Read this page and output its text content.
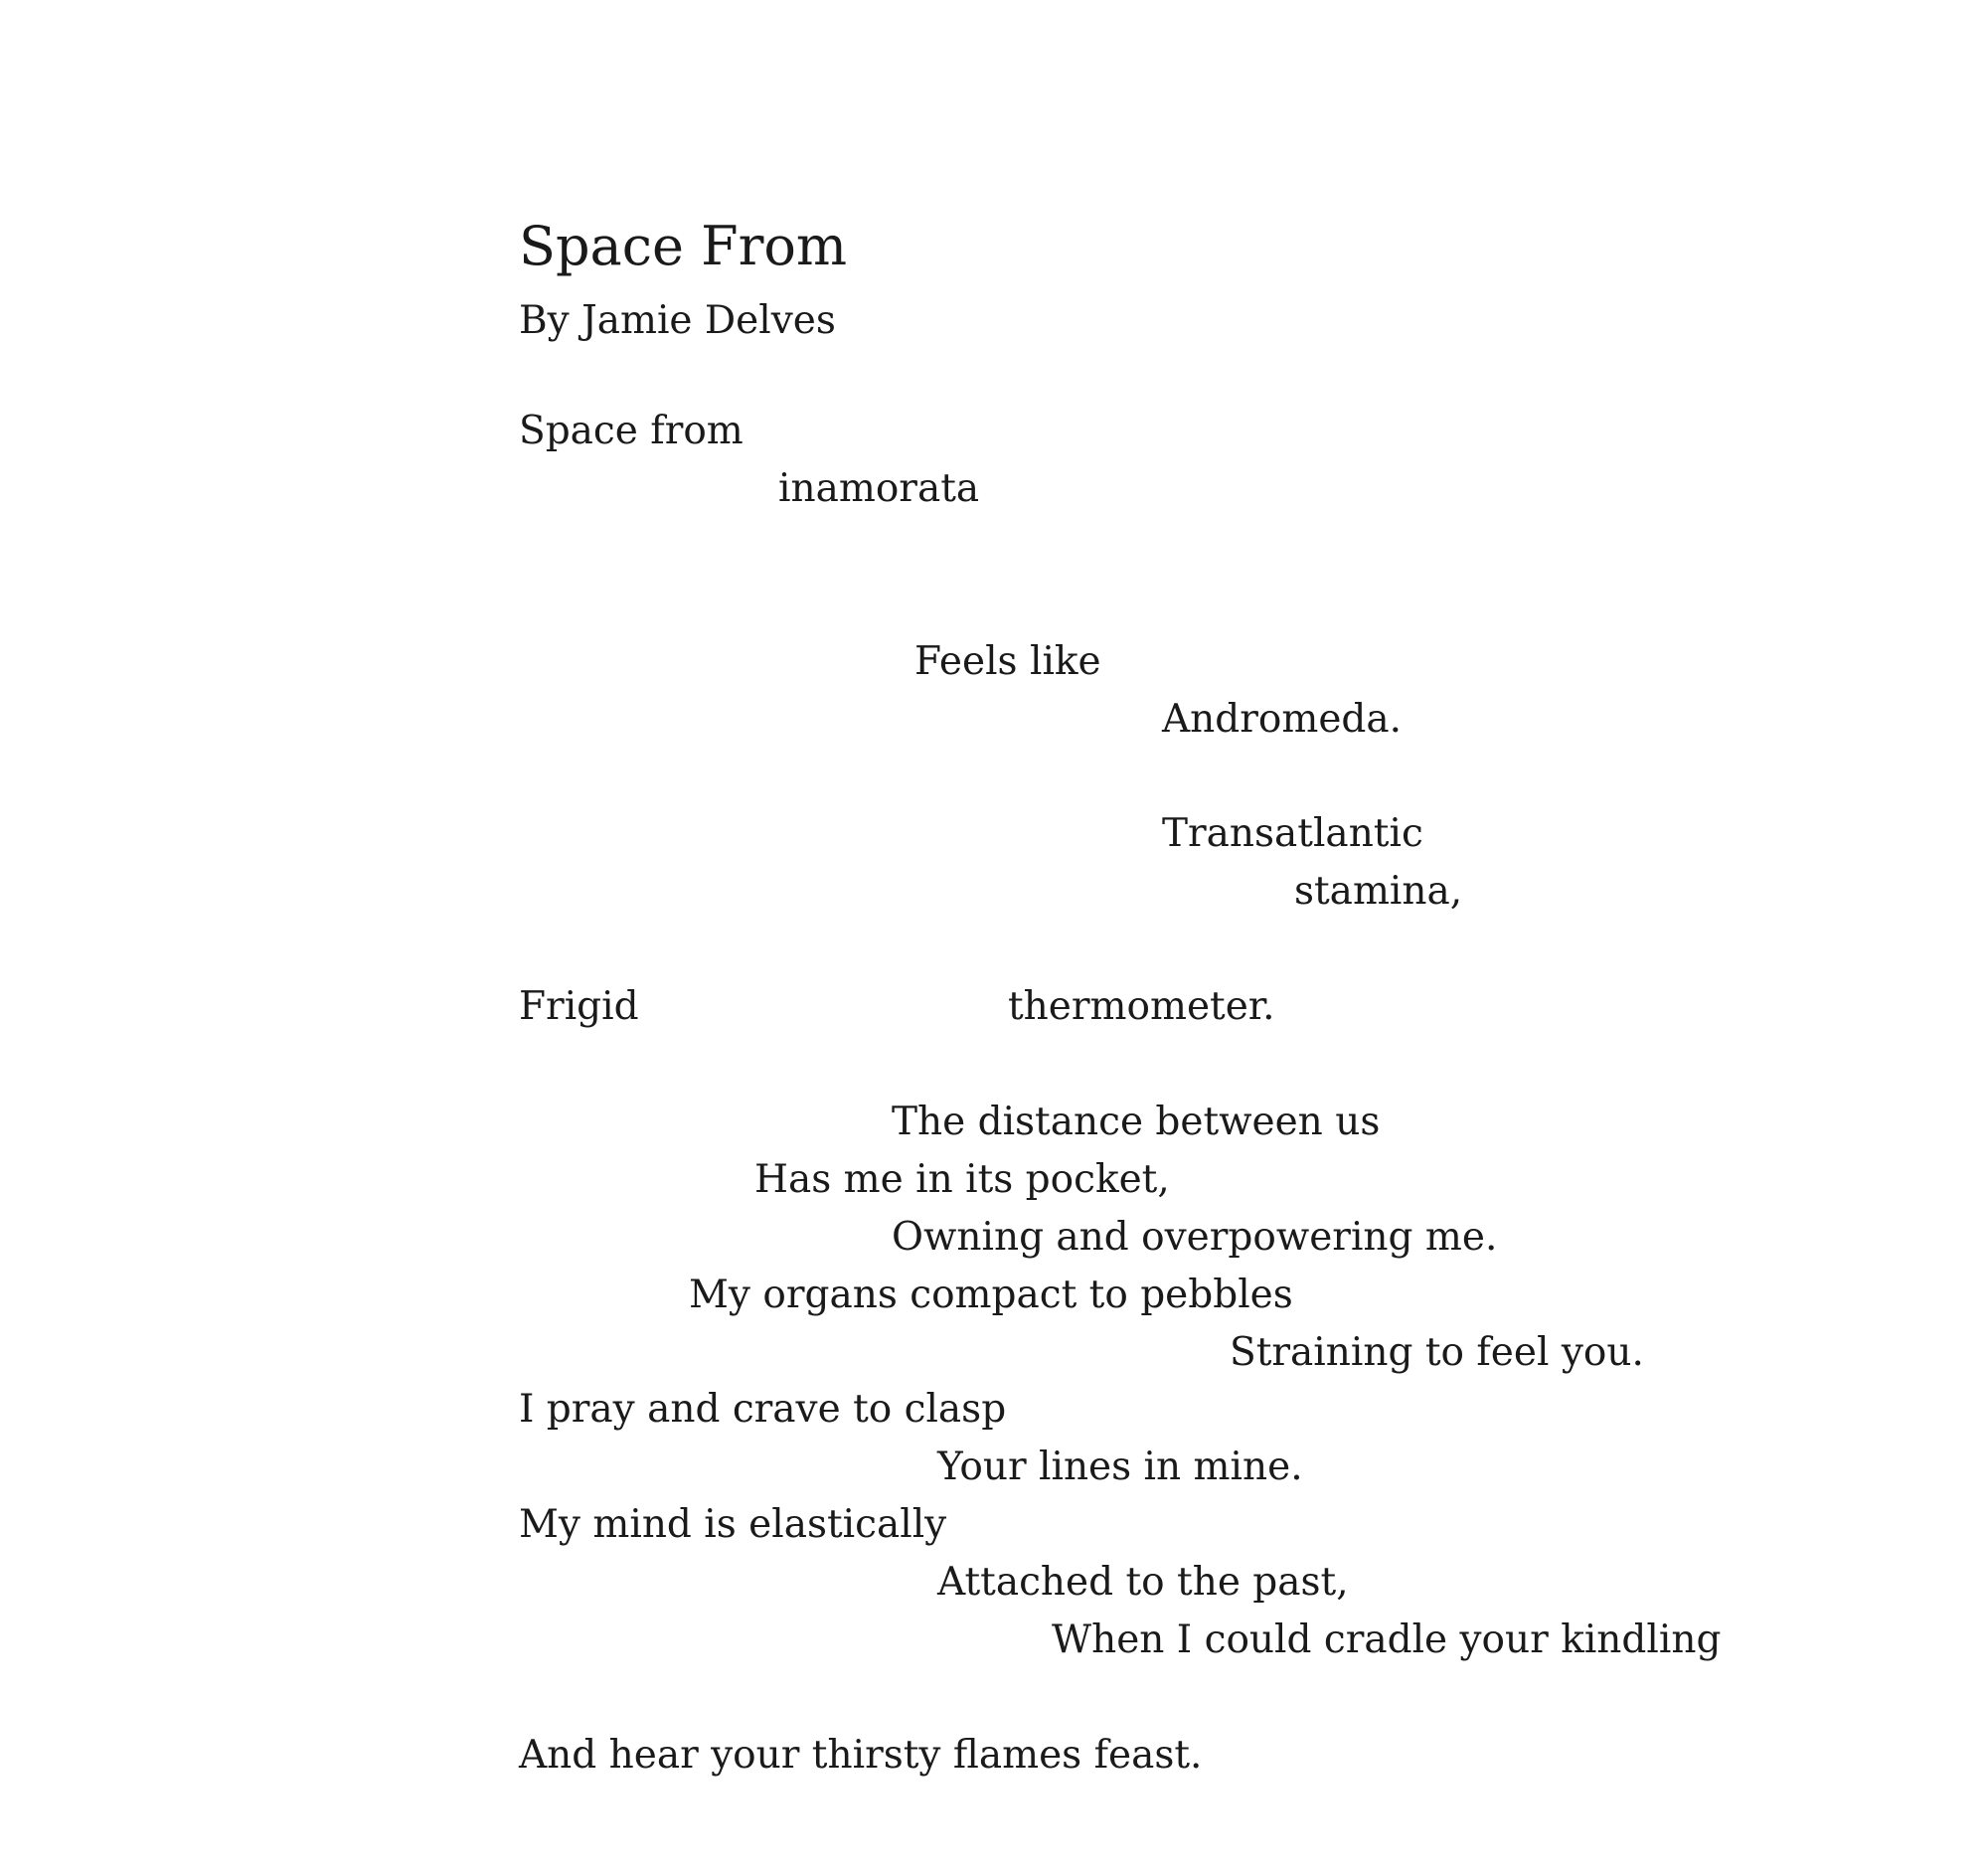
Space From
By Jamie Delves
Space from
inamorata
Feels like
Andromeda.
Transatlantic
stamina,
Frigid	thermometer.
The distance between us
Has me in its pocket,
Owning and overpowering me.
My organs compact to pebbles
Straining to feel you.
I pray and crave to clasp
Your lines in mine.
My mind is elastically
Attached to the past,
When I could cradle your kindling
And hear your thirsty flames feast.
